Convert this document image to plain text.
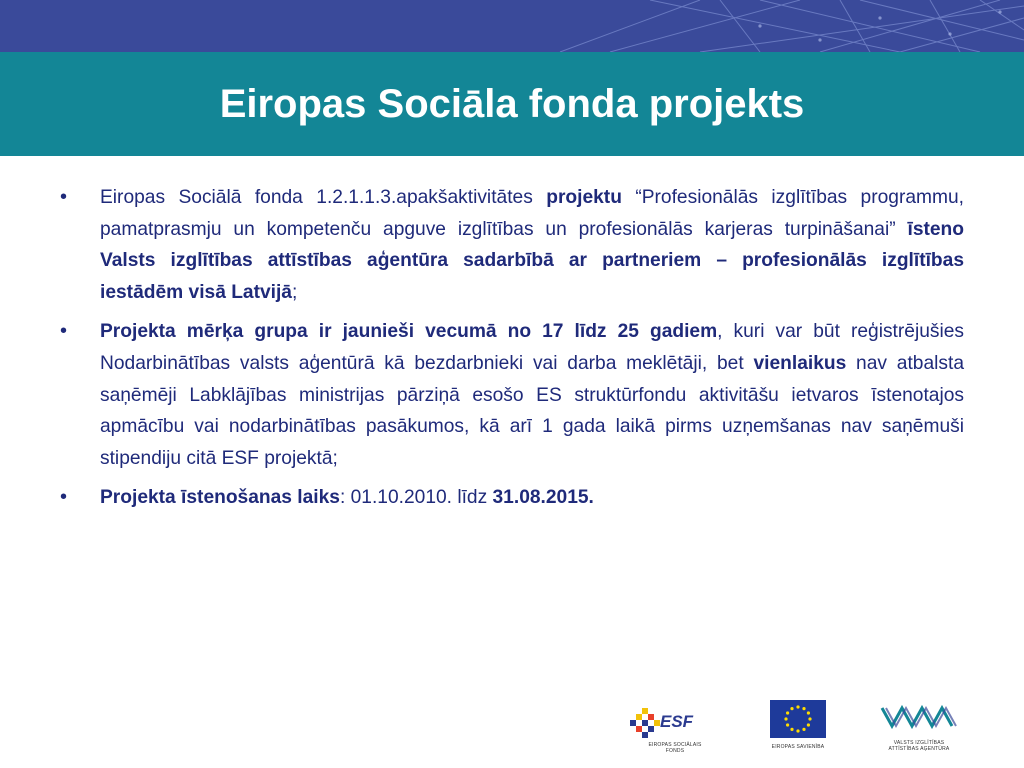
Eiropas Sociāla fonda projekts
• Eiropas Sociālā fonda 1.2.1.1.3.apakšaktivitātes projektu “Profesionālās izglītības programmu, pamatprasmju un kompetenču apguve izglītības un profesionālās karjeras turpināšanai” īsteno Valsts izglītības attīstības aģentūra sadarbībā ar partneriem – profesionālās izglītības iestādēm visā Latvijā;
• Projekta mērķa grupa ir jaunieši vecumā no 17 līdz 25 gadiem, kuri var būt reģistrējušies Nodarbinātības valsts aģentūrā kā bezdarbnieki vai darba meklētāji, bet vienlaikus nav atbalsta saņēmēji Labklājības ministrijas pārziņā esošo ES struktūrfondu aktivitāšu ietvaros īstenotajos apmācību vai nodarbinātības pasākumos, kā arī 1 gada laikā pirms uzņemšanas nav saņēmuši stipendiju citā ESF projektā;
• Projekta īstenošanas laiks: 01.10.2010. līdz 31.08.2015.
ESF
EIROPAS SOCIĀLAIS
FONDS
EIROPAS SAVIENĪBA
VALSTS IZGLĪTĪBAS
ATTĪSTĪBAS AĢENTŪRA
